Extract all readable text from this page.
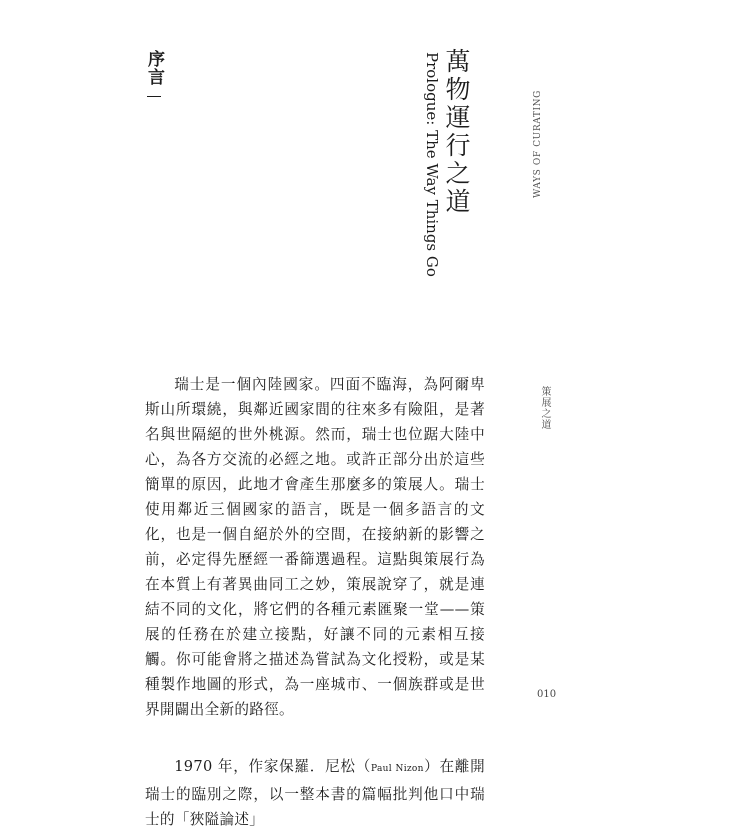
WAYS OF CURATING
序言	萬物運行之道
Prologue: The Way Things Go
策展之道
010

瑞士是一個內陸國家。四面不臨海，為阿爾卑斯山所環繞，與鄰近國家間的往來多有險阻，是著名與世隔絕的世外桃源。然而，瑞士也位踞大陸中心，為各方交流的必經之地。或許正部分出於這些簡單的原因，此地才會產生那麼多的策展人。瑞士使用鄰近三個國家的語言，既是一個多語言的文化，也是一個自絕於外的空間，在接納新的影響之前，必定得先歷經一番篩選過程。這點與策展行為在本質上有著異曲同工之妙，策展說穿了，就是連結不同的文化，將它們的各種元素匯聚一堂——策展的任務在於建立接點，好讓不同的元素相互接觸。你可能會將之描述為嘗試為文化授粉，或是某種製作地圖的形式，為一座城市、一個族群或是世界開闢出全新的路徑。

1970 年，作家保羅．尼松（Paul Nizon）在離開瑞士的臨別之際，以一整本書的篇幅批判他口中瑞士的「狹隘論述」
